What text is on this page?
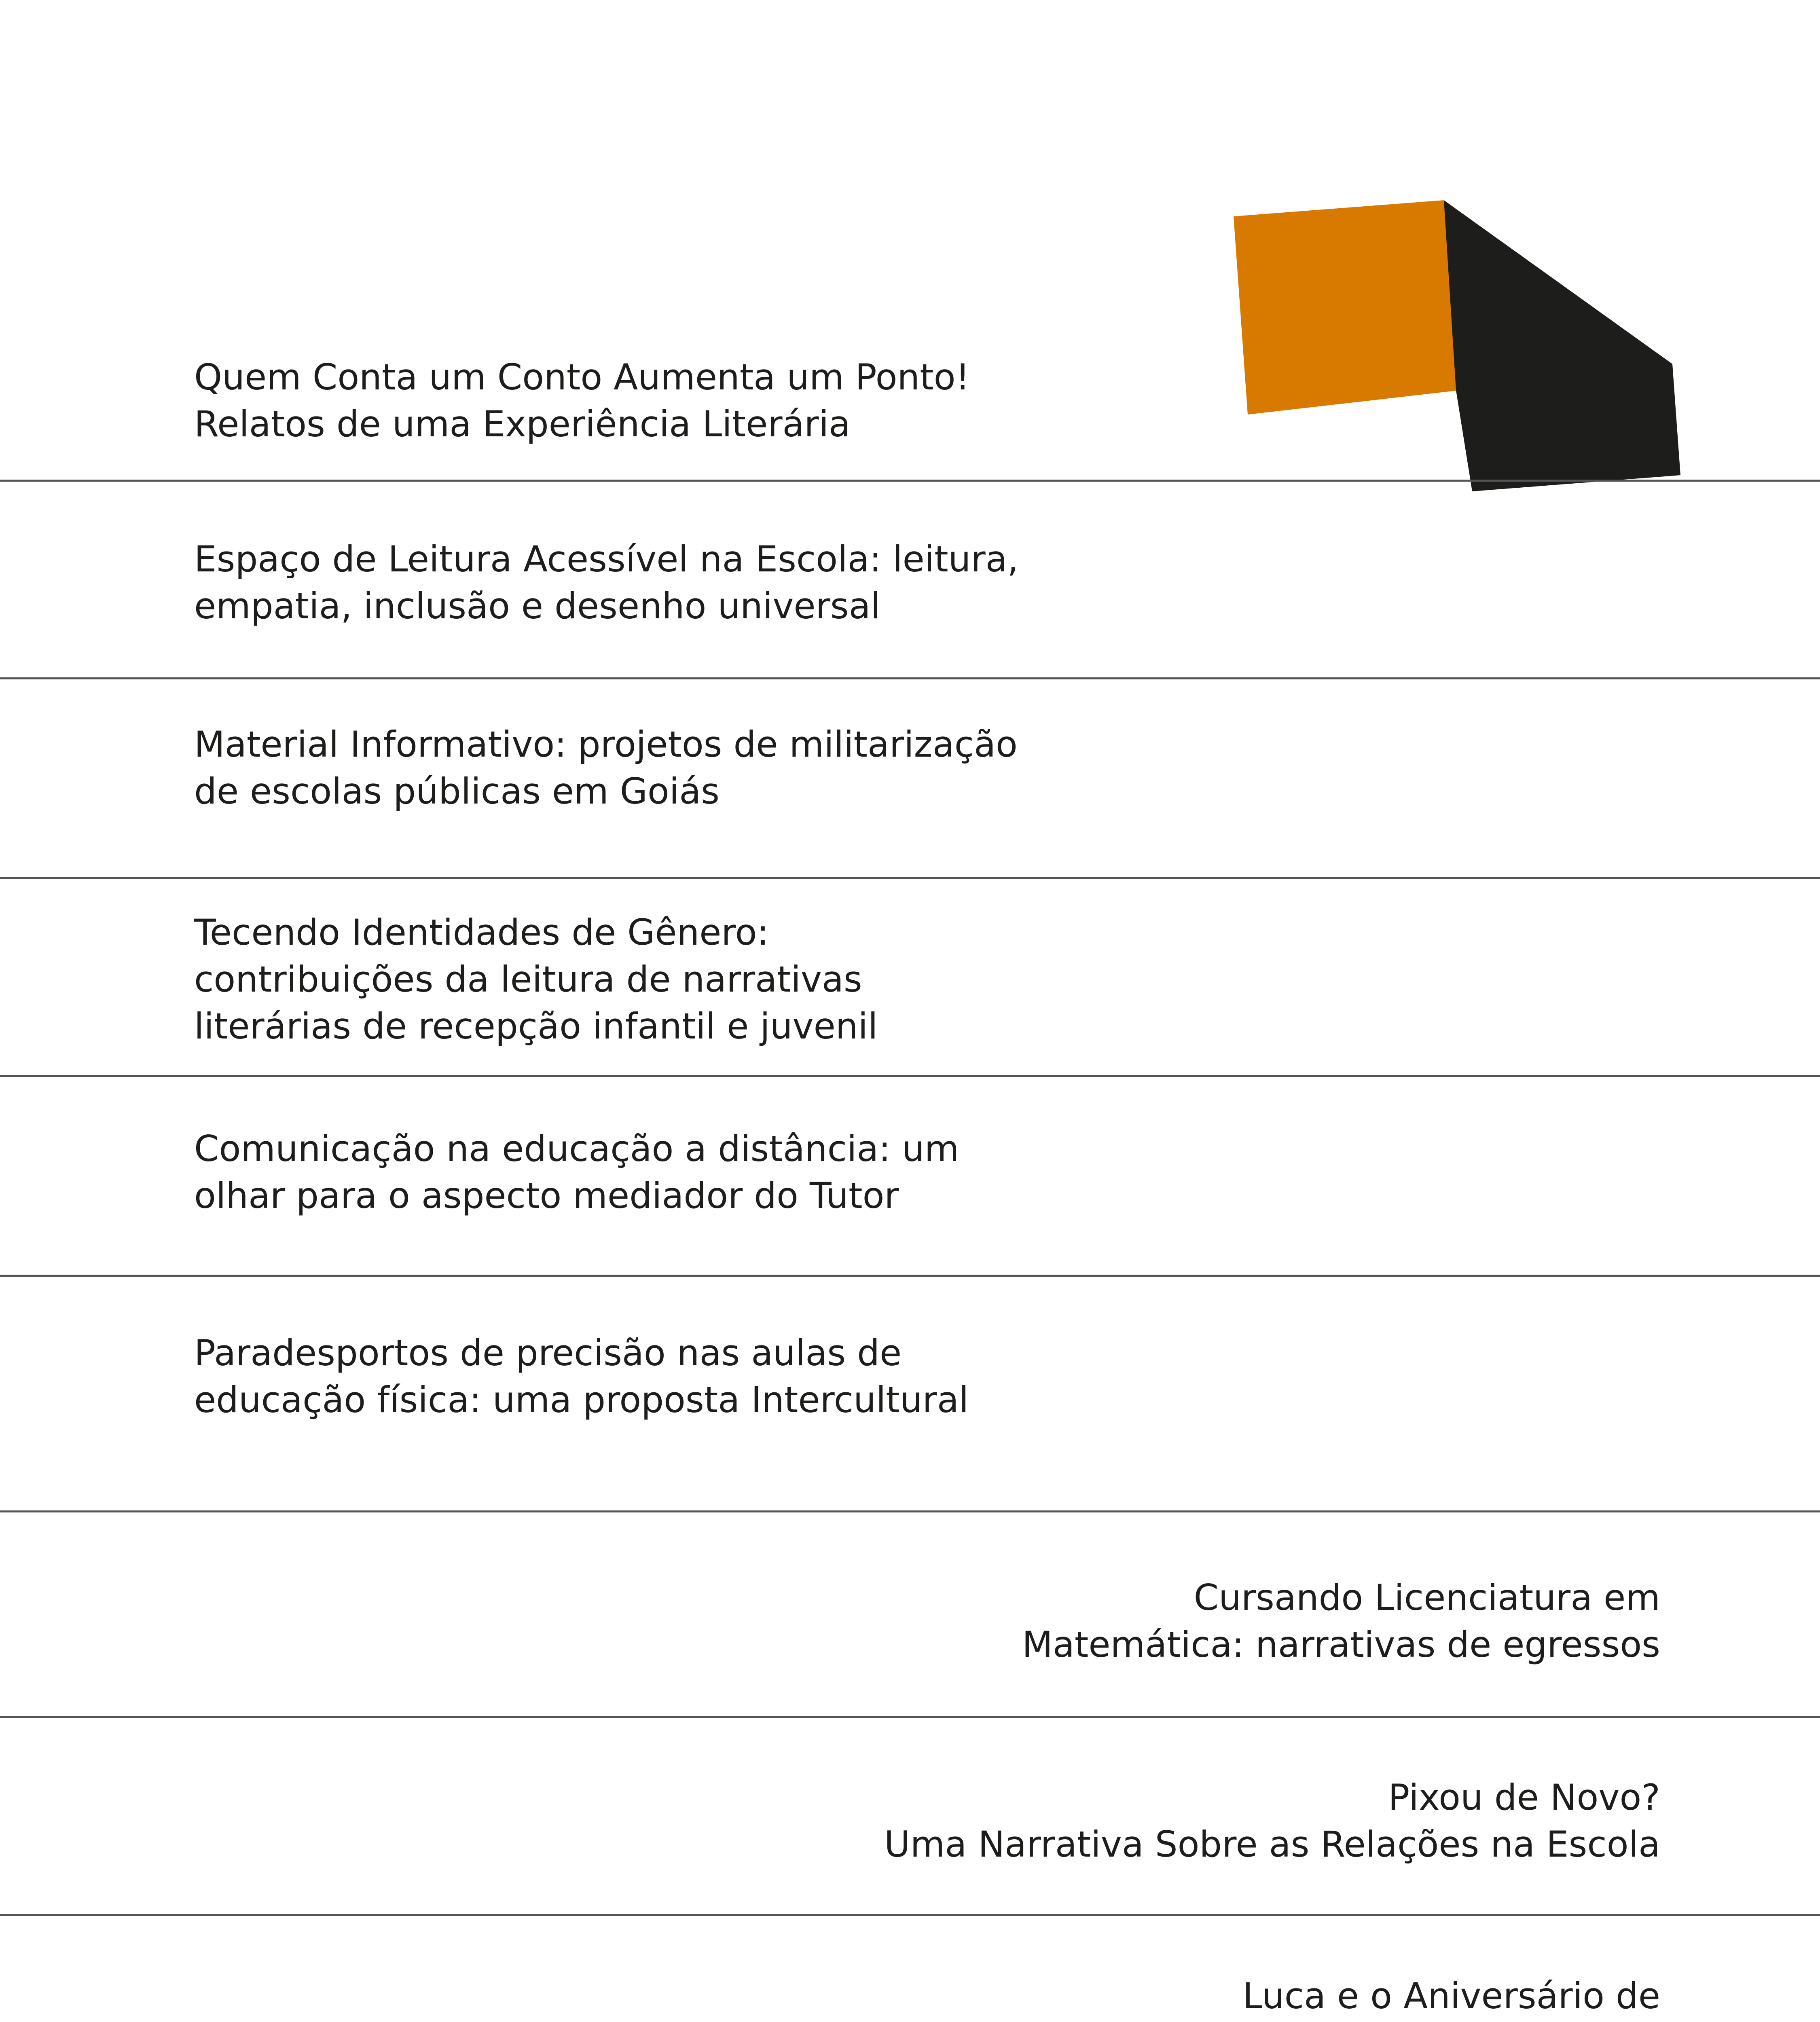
Quem Conta um Conto Aumenta um Ponto!
Relatos de uma Experiência Literária
Espaço de Leitura Acessível na Escola: leitura,
empatia, inclusão e desenho universal
Material Informativo: projetos de militarização
de escolas públicas em Goiás
Tecendo Identidades de Gênero:
contribuições da leitura de narrativas
literárias de recepção infantil e juvenil
Comunicação na educação a distância: um
olhar para o aspecto mediador do Tutor
Paradesportos de precisão nas aulas de
educação física: uma proposta Intercultural
Cursando Licenciatura em
Matemática: narrativas de egressos
Pixou de Novo?
Uma Narrativa Sobre as Relações na Escola
Luca e o Aniversário de
